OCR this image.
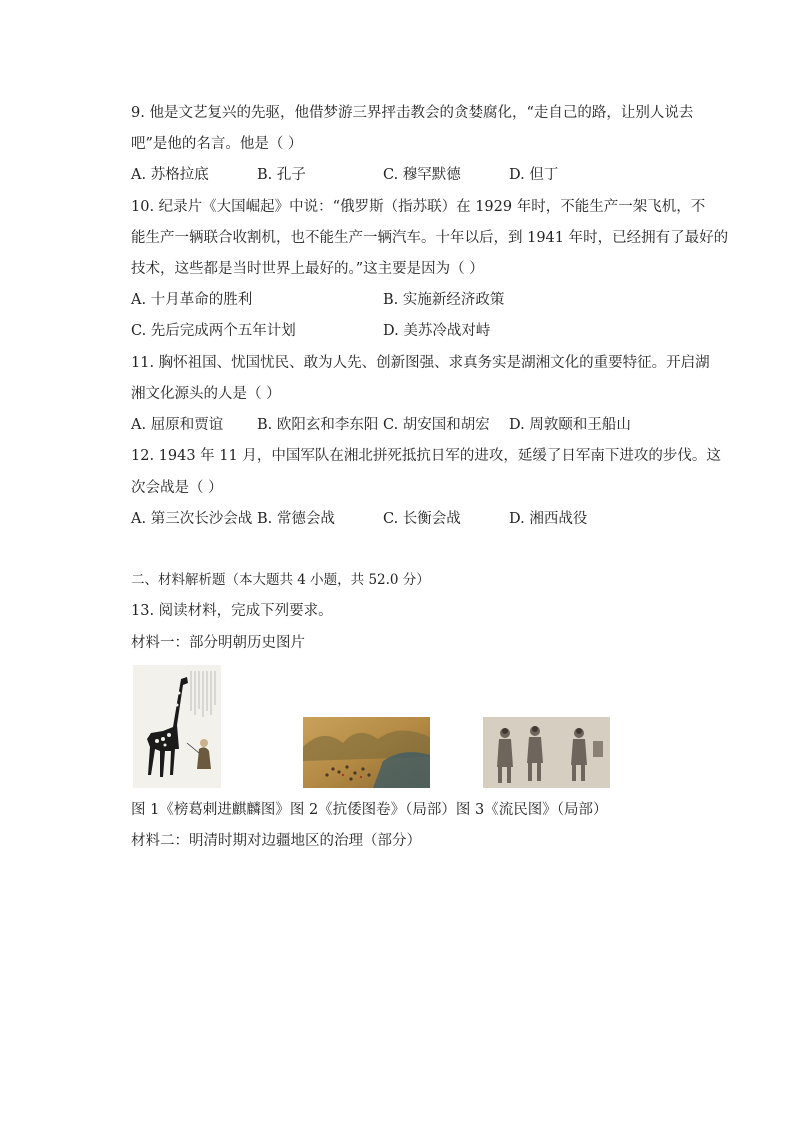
9. 他是文艺复兴的先驱，他借梦游三界抨击教会的贪婪腐化，“走自己的路，让别人说去
吧”是他的名言。他是（ ）
A. 苏格拉底	B. 孔子	C. 穆罕默德	D. 但丁
10. 纪录片《大国崛起》中说：“俄罗斯（指苏联）在 1929 年时，不能生产一架飞机，不
能生产一辆联合收割机，也不能生产一辆汽车。十年以后，到 1941 年时，已经拥有了最好的
技术，这些都是当时世界上最好的。”这主要是因为（ ）
A. 十月革命的胜利	B. 实施新经济政策
C. 先后完成两个五年计划	D. 美苏冷战对峙
11. 胸怀祖国、忧国忧民、敢为人先、创新图强、求真务实是湖湘文化的重要特征。开启湖
湘文化源头的人是（ ）
A. 屈原和贾谊 B. 欧阳玄和李东阳 C. 胡安国和胡宏 D. 周敦颐和王船山
12. 1943 年 11 月，中国军队在湘北拼死抵抗日军的进攻，延缓了日军南下进攻的步伐。这
次会战是（ ）
A. 第三次长沙会战 B. 常德会战	C. 长衡会战	D. 湘西战役
二、材料解析题（本大题共 4 小题，共 52.0 分）
13. 阅读材料，完成下列要求。
材料一：部分明朝历史图片
图 1《榜葛剌进麒麟图》图 2《抗倭图卷》（局部）图 3《流民图》（局部）
材料二：明清时期对边疆地区的治理（部分）
